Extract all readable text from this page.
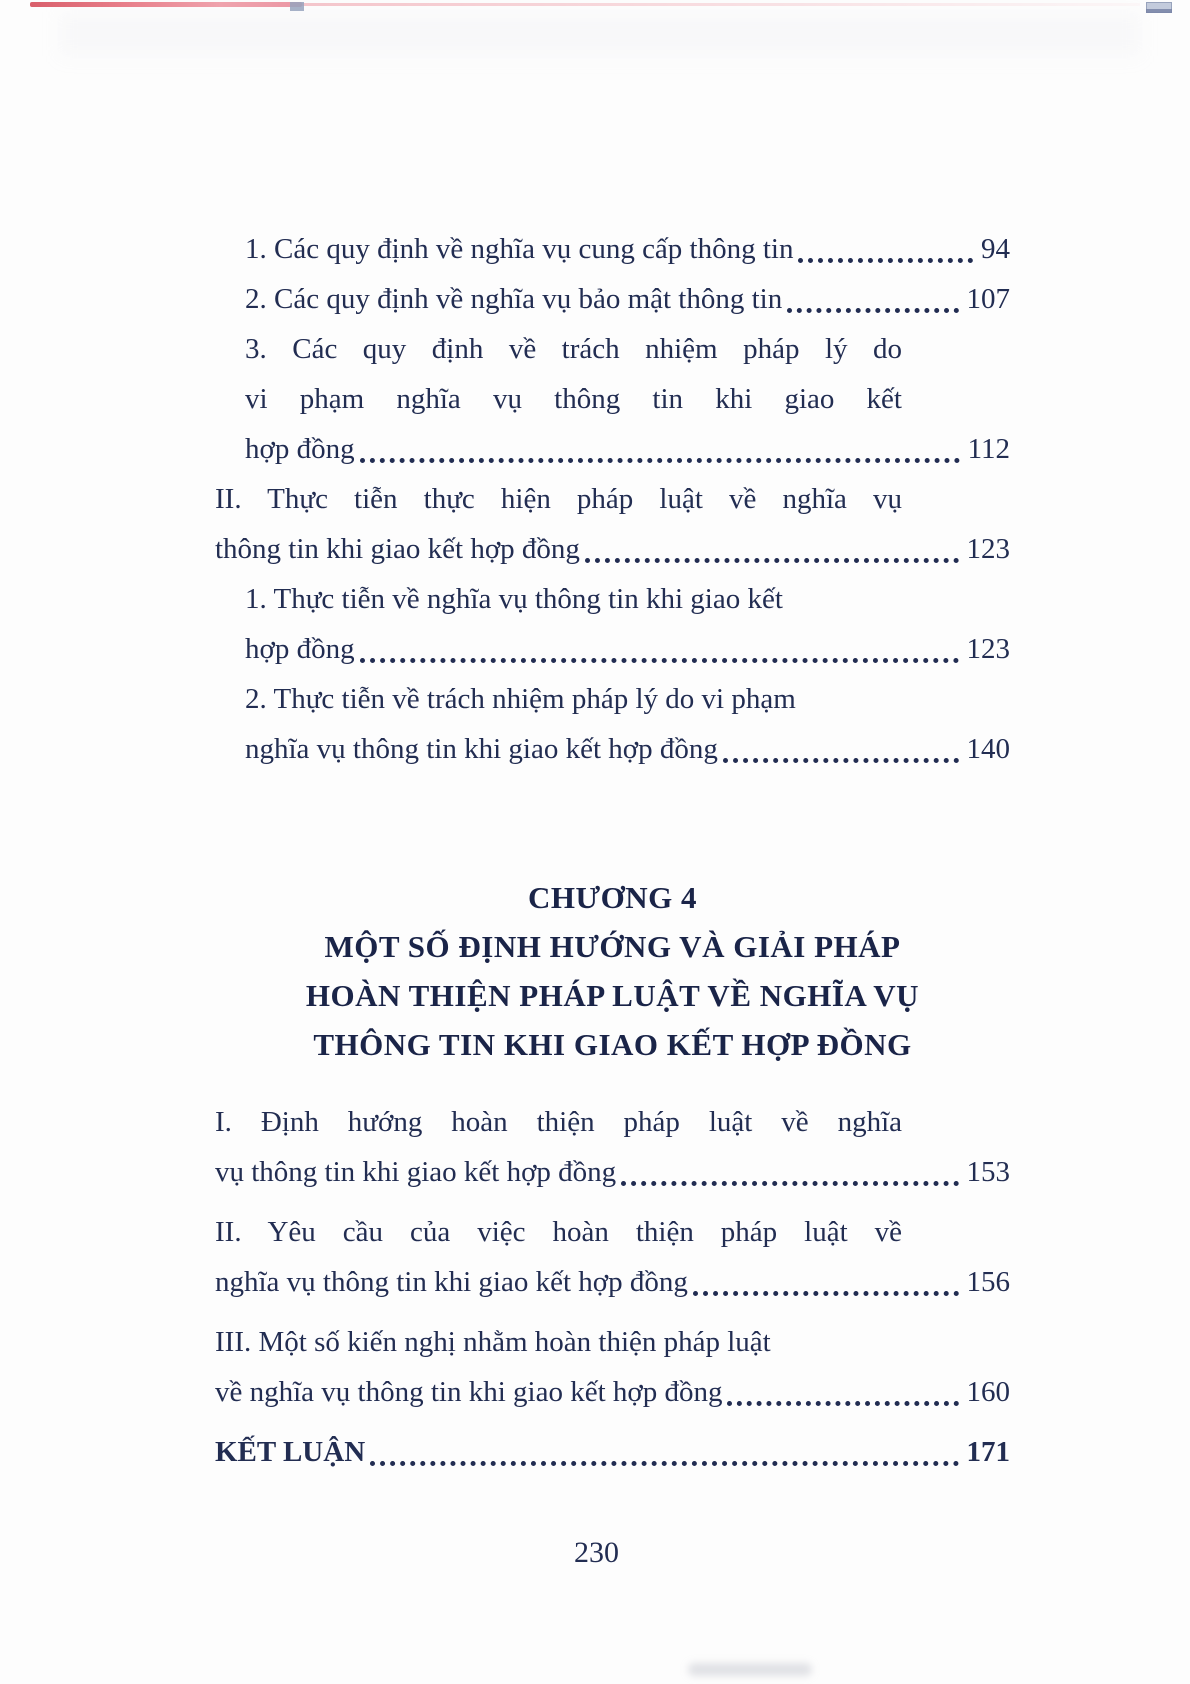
1. Các quy định về nghĩa vụ cung cấp thông tin	94
2. Các quy định về nghĩa vụ bảo mật thông tin	107
3. Các quy định về trách nhiệm pháp lý do
vi phạm nghĩa vụ thông tin khi giao kết
hợp đồng	112
II. Thực tiễn thực hiện pháp luật về nghĩa vụ
thông tin khi giao kết hợp đồng	123
1. Thực tiễn về nghĩa vụ thông tin khi giao kết
hợp đồng	123
2. Thực tiễn về trách nhiệm pháp lý do vi phạm
nghĩa vụ thông tin khi giao kết hợp đồng	140
CHƯƠNG 4
MỘT SỐ ĐỊNH HƯỚNG VÀ GIẢI PHÁP
HOÀN THIỆN PHÁP LUẬT VỀ NGHĨA VỤ
THÔNG TIN KHI GIAO KẾT HỢP ĐỒNG
I. Định hướng hoàn thiện pháp luật về nghĩa
vụ thông tin khi giao kết hợp đồng	153
II. Yêu cầu của việc hoàn thiện pháp luật về
nghĩa vụ thông tin khi giao kết hợp đồng	156
III. Một số kiến nghị nhằm hoàn thiện pháp luật
về nghĩa vụ thông tin khi giao kết hợp đồng	160
KẾT LUẬN	171
230
